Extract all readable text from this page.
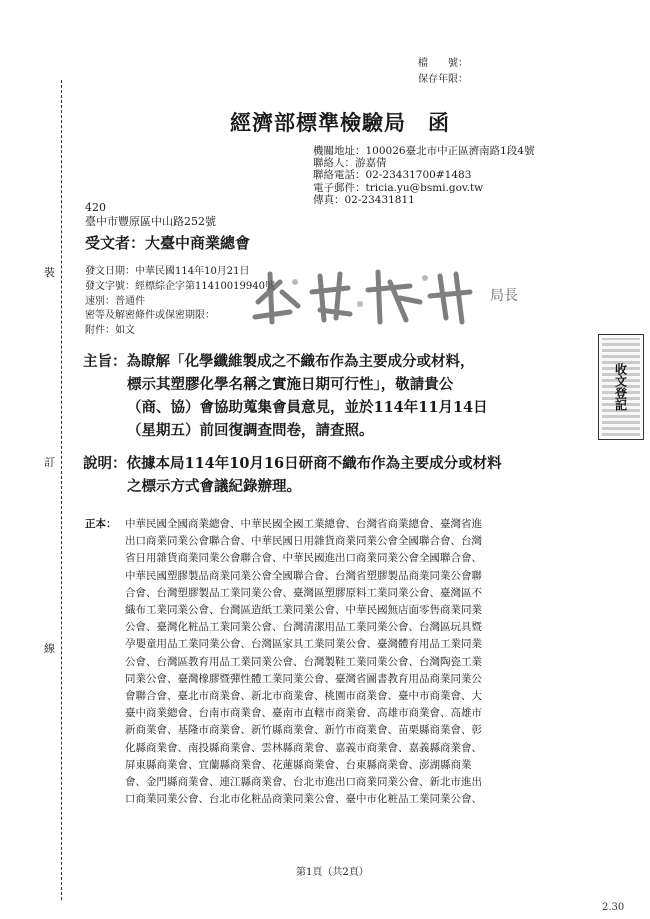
裝
訂
線
檔　　號：
保存年限：
經濟部標準檢驗局 函
機關地址：100026臺北市中正區濟南路1段4號
聯絡人：游嘉倩
聯絡電話：02-23431700#1483
電子郵件：tricia.yu@bsmi.gov.tw
傳真：02-23431811
420
臺中市豐原區中山路252號
受文者：大臺中商業總會
發文日期：中華民國114年10月21日
發文字號：經標綜企字第11410019940號
速別：普通件
密等及解密條件或保密期限：
附件：如文
局長
收文登記
主旨：為瞭解「化學纖維製成之不織布作為主要成分或材料，
標示其塑膠化學名稱之實施日期可行性」，敬請貴公
（商、協）會協助蒐集會員意見，並於114年11月14日
（星期五）前回復調查問卷，請查照。
說明：依據本局114年10月16日研商不織布作為主要成分或材料
之標示方式會議紀錄辦理。
正本： 中華民國全國商業總會、中華民國全國工業總會、台灣省商業總會、臺灣省進
出口商業同業公會聯合會、中華民國日用雜貨商業同業公會全國聯合會、台灣
省日用雜貨商業同業公會聯合會、中華民國進出口商業同業公會全國聯合會、
中華民國塑膠製品商業同業公會全國聯合會、台灣省塑膠製品商業同業公會聯
合會、台灣塑膠製品工業同業公會、臺灣區塑膠原料工業同業公會、臺灣區不
織布工業同業公會、台灣區造紙工業同業公會、中華民國無店面零售商業同業
公會、臺灣化粧品工業同業公會、台灣清潔用品工業同業公會、台灣區玩具暨
孕嬰童用品工業同業公會、台灣區家具工業同業公會、臺灣體育用品工業同業
公會、台灣區教育用品工業同業公會、台灣製鞋工業同業公會、台灣陶瓷工業
同業公會、臺灣橡膠暨彈性體工業同業公會、臺灣省圖書教育用品商業同業公
會聯合會、臺北市商業會、新北市商業會、桃園市商業會、臺中市商業會、大
臺中商業總會、台南市商業會、臺南市直轄市商業會、高雄市商業會、高雄市
新商業會、基隆市商業會、新竹縣商業會、新竹市商業會、苗栗縣商業會、彰
化縣商業會、南投縣商業會、雲林縣商業會、嘉義市商業會、嘉義縣商業會、
屏東縣商業會、宜蘭縣商業會、花蓮縣商業會、台東縣商業會、澎湖縣商業
會、金門縣商業會、連江縣商業會、台北市進出口商業同業公會、新北市進出
口商業同業公會、台北市化粧品商業同業公會、臺中市化粧品工業同業公會、
第1頁（共2頁）
2.30
